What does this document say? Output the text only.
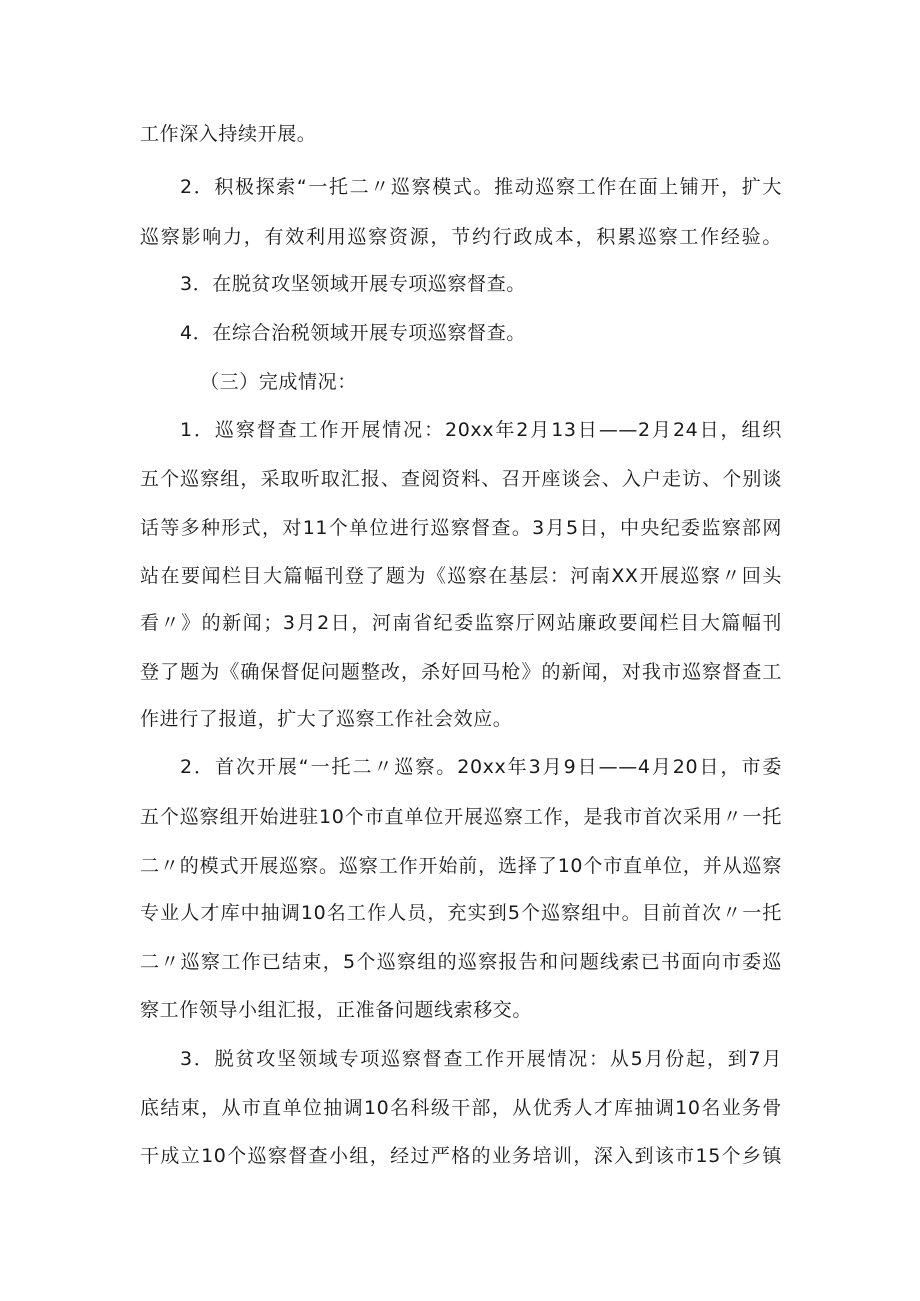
工作深入持续开展。
2．积极探索“一托二〃巡察模式。推动巡察工作在面上铺开，扩大
巡察影响力，有效利用巡察资源，节约行政成本，积累巡察工作经验。
3．在脱贫攻坚领域开展专项巡察督查。
4．在综合治税领域开展专项巡察督查。
（三）完成情况：
1．巡察督查工作开展情况：20xx年2月13日——2月24日，组织
五个巡察组，采取听取汇报、查阅资料、召开座谈会、入户走访、个别谈
话等多种形式，对11个单位进行巡察督查。3月5日，中央纪委监察部网
站在要闻栏目大篇幅刊登了题为《巡察在基层：河南XX开展巡察〃回头
看〃》的新闻；3月2日，河南省纪委监察厅网站廉政要闻栏目大篇幅刊
登了题为《确保督促问题整改，杀好回马枪》的新闻，对我市巡察督查工
作进行了报道，扩大了巡察工作社会效应。
2．首次开展“一托二〃巡察。20xx年3月9日——4月20日，市委
五个巡察组开始进驻10个市直单位开展巡察工作，是我市首次采用〃一托
二〃的模式开展巡察。巡察工作开始前，选择了10个市直单位，并从巡察
专业人才库中抽调10名工作人员，充实到5个巡察组中。目前首次〃一托
二〃巡察工作已结束，5个巡察组的巡察报告和问题线索已书面向市委巡
察工作领导小组汇报，正准备问题线索移交。
3．脱贫攻坚领域专项巡察督查工作开展情况：从5月份起，到7月
底结束，从市直单位抽调10名科级干部，从优秀人才库抽调10名业务骨
干成立10个巡察督查小组，经过严格的业务培训，深入到该市15个乡镇
